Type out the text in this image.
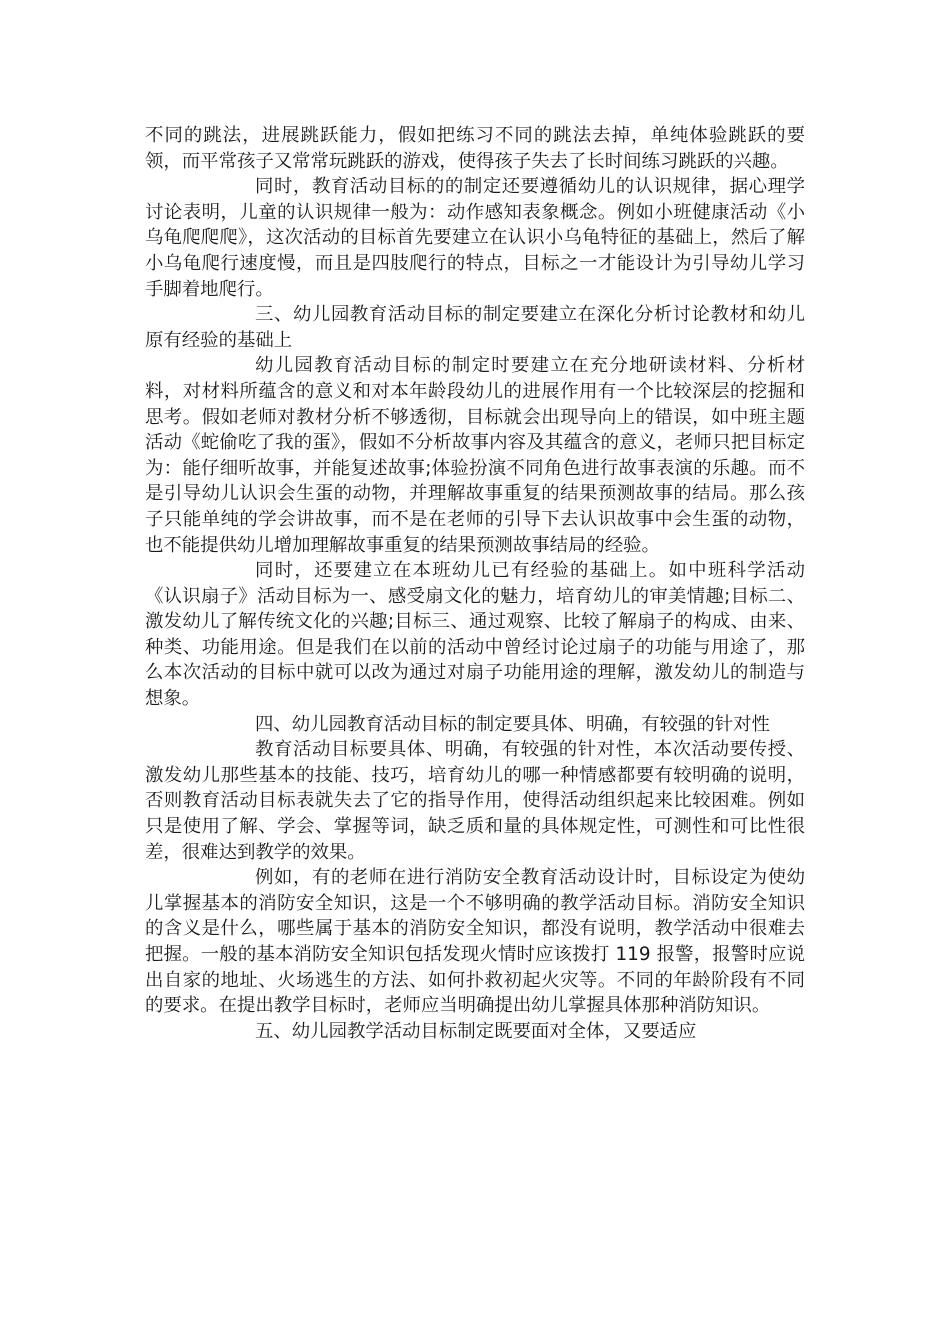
不同的跳法，进展跳跃能力，假如把练习不同的跳法去掉，单纯体验跳跃的要领，而平常孩子又常常玩跳跃的游戏，使得孩子失去了长时间练习跳跃的兴趣。

同时，教育活动目标的的制定还要遵循幼儿的认识规律，据心理学讨论表明，儿童的认识规律一般为：动作感知表象概念。例如小班健康活动《小乌龟爬爬爬》，这次活动的目标首先要建立在认识小乌龟特征的基础上，然后了解小乌龟爬行速度慢，而且是四肢爬行的特点，目标之一才能设计为引导幼儿学习手脚着地爬行。

三、幼儿园教育活动目标的制定要建立在深化分析讨论教材和幼儿原有经验的基础上

幼儿园教育活动目标的制定时要建立在充分地研读材料、分析材料，对材料所蕴含的意义和对本年龄段幼儿的进展作用有一个比较深层的挖掘和思考。假如老师对教材分析不够透彻，目标就会出现导向上的错误，如中班主题活动《蛇偷吃了我的蛋》，假如不分析故事内容及其蕴含的意义，老师只把目标定为：能仔细听故事，并能复述故事;体验扮演不同角色进行故事表演的乐趣。而不是引导幼儿认识会生蛋的动物，并理解故事重复的结果预测故事的结局。那么孩子只能单纯的学会讲故事，而不是在老师的引导下去认识故事中会生蛋的动物，也不能提供幼儿增加理解故事重复的结果预测故事结局的经验。

同时，还要建立在本班幼儿已有经验的基础上。如中班科学活动《认识扇子》活动目标为一、感受扇文化的魅力，培育幼儿的审美情趣;目标二、激发幼儿了解传统文化的兴趣;目标三、通过观察、比较了解扇子的构成、由来、种类、功能用途。但是我们在以前的活动中曾经讨论过扇子的功能与用途了，那么本次活动的目标中就可以改为通过对扇子功能用途的理解，激发幼儿的制造与想象。

四、幼儿园教育活动目标的制定要具体、明确，有较强的针对性

教育活动目标要具体、明确，有较强的针对性，本次活动要传授、激发幼儿那些基本的技能、技巧，培育幼儿的哪一种情感都要有较明确的说明，否则教育活动目标表就失去了它的指导作用，使得活动组织起来比较困难。例如只是使用了解、学会、掌握等词，缺乏质和量的具体规定性，可测性和可比性很差，很难达到教学的效果。

例如，有的老师在进行消防安全教育活动设计时，目标设定为使幼儿掌握基本的消防安全知识，这是一个不够明确的教学活动目标。消防安全知识的含义是什么，哪些属于基本的消防安全知识，都没有说明，教学活动中很难去把握。一般的基本消防安全知识包括发现火情时应该拨打 119 报警，报警时应说出自家的地址、火场逃生的方法、如何扑救初起火灾等。不同的年龄阶段有不同的要求。在提出教学目标时，老师应当明确提出幼儿掌握具体那种消防知识。

五、幼儿园教学活动目标制定既要面对全体，又要适应
